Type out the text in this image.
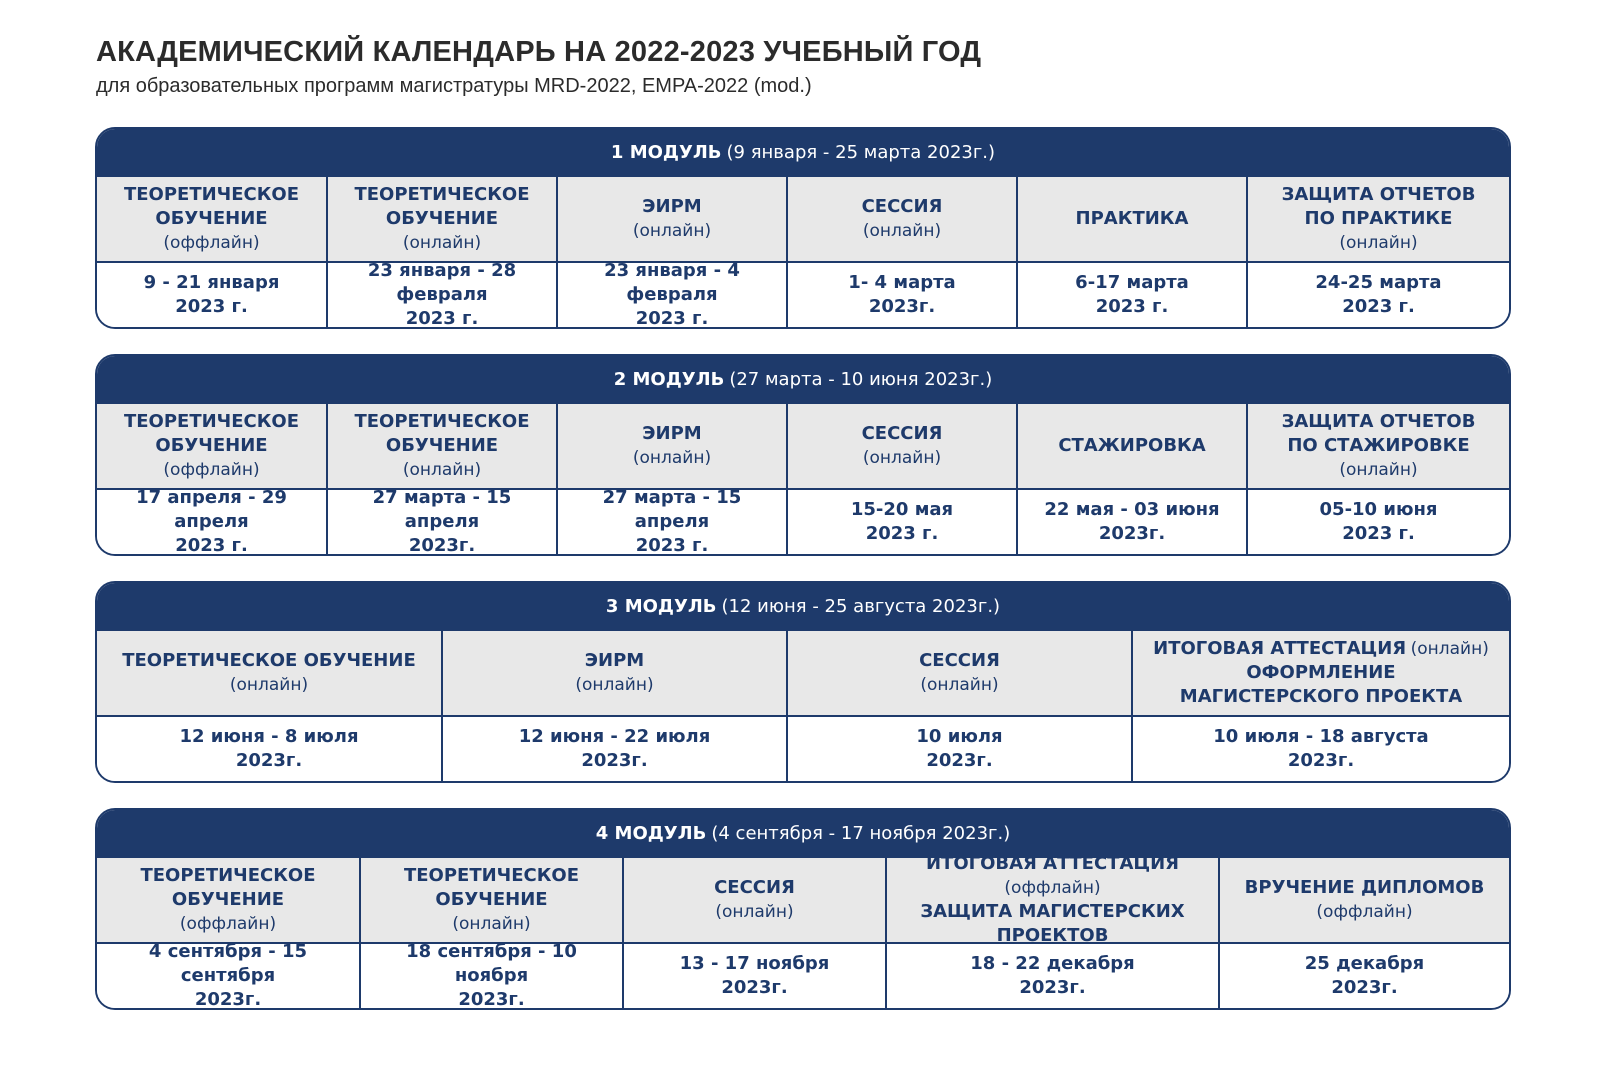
АКАДЕМИЧЕСКИЙ КАЛЕНДАРЬ НА 2022-2023 УЧЕБНЫЙ ГОД
для образовательных программ магистратуры MRD-2022, EMPA-2022 (mod.)
1 МОДУЛЬ (9 января - 25 марта 2023г.)
ТЕОРЕТИЧЕСКОЕ
ОБУЧЕНИЕ
(оффлайн)
ТЕОРЕТИЧЕСКОЕ
ОБУЧЕНИЕ
(онлайн)
ЭИРМ
(онлайн)
СЕССИЯ
(онлайн)
ПРАКТИКА
ЗАЩИТА ОТЧЕТОВ
ПО ПРАКТИКЕ
(онлайн)
9 - 21 января
2023 г.
23 января - 28 февраля
2023 г.
23 января - 4 февраля
2023 г.
1- 4 марта
2023г.
6-17 марта
2023 г.
24-25 марта
2023 г.
2 МОДУЛЬ (27 марта - 10 июня 2023г.)
ТЕОРЕТИЧЕСКОЕ
ОБУЧЕНИЕ
(оффлайн)
ТЕОРЕТИЧЕСКОЕ
ОБУЧЕНИЕ
(онлайн)
ЭИРМ
(онлайн)
СЕССИЯ
(онлайн)
СТАЖИРОВКА
ЗАЩИТА ОТЧЕТОВ
ПО СТАЖИРОВКЕ
(онлайн)
17 апреля - 29 апреля
2023 г.
27 марта - 15 апреля
2023г.
27 марта - 15 апреля
2023 г.
15-20 мая
2023 г.
22 мая - 03 июня
2023г.
05-10 июня
2023 г.
3 МОДУЛЬ (12 июня - 25 августа 2023г.)
ТЕОРЕТИЧЕСКОЕ ОБУЧЕНИЕ
(онлайн)
ЭИРМ
(онлайн)
СЕССИЯ
(онлайн)
ИТОГОВАЯ АТТЕСТАЦИЯ (онлайн)
ОФОРМЛЕНИЕ
МАГИСТЕРСКОГО ПРОЕКТА
12 июня - 8 июля
2023г.
12 июня - 22 июля
2023г.
10 июля
2023г.
10 июля - 18 августа
2023г.
4 МОДУЛЬ (4 сентября - 17 ноября 2023г.)
ТЕОРЕТИЧЕСКОЕ ОБУЧЕНИЕ
(оффлайн)
ТЕОРЕТИЧЕСКОЕ ОБУЧЕНИЕ
(онлайн)
СЕССИЯ
(онлайн)
ИТОГОВАЯ АТТЕСТАЦИЯ
(оффлайн)
ЗАЩИТА МАГИСТЕРСКИХ ПРОЕКТОВ
ВРУЧЕНИЕ ДИПЛОМОВ
(оффлайн)
4 сентября - 15 сентября
2023г.
18 сентября - 10 ноября
2023г.
13 - 17 ноября
2023г.
18 - 22 декабря
2023г.
25 декабря
2023г.
